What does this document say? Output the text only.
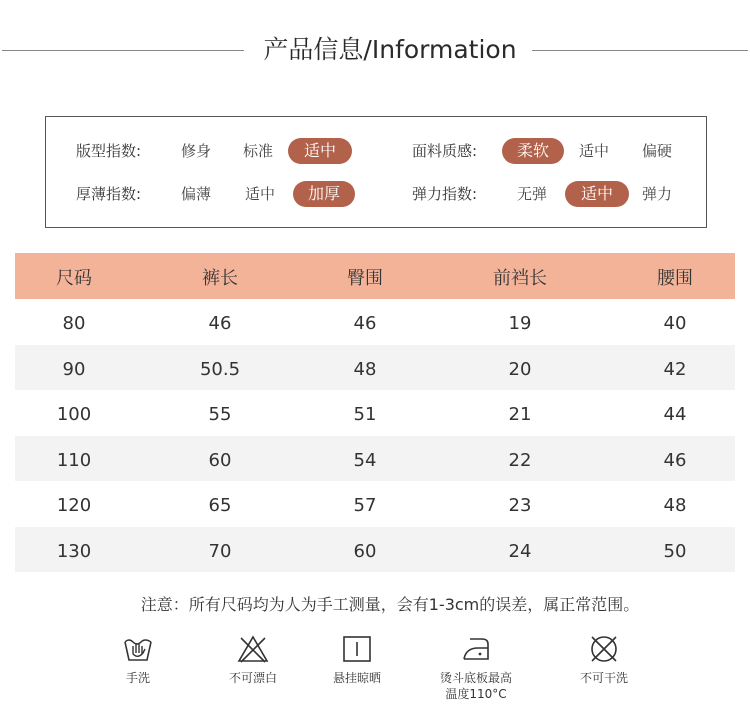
产品信息/Information
版型指数:	修身 标准	适中	面料质感:	柔软	适中 偏硬
厚薄指数:	偏薄 适中	加厚	弹力指数:	无弹	适中	弹力
尺码	裤长	臀围	前裆长	腰围
80	46	46	19	40
90	50.5	48	20	42
100	55	51	21	44
110	60	54	22	46
120	65	57	23	48
130	70	60	24	50
注意：所有尺码均为人为手工测量，会有1-3cm的误差，属正常范围。
手洗	不可漂白	悬挂晾晒	烫斗底板最高
温度110°C
不可干洗
